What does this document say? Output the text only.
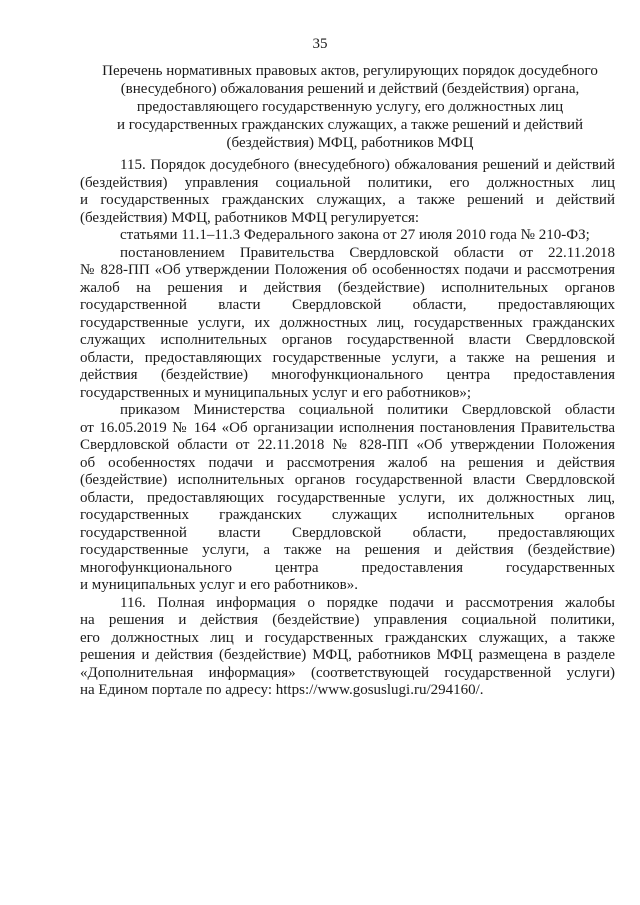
35
Перечень нормативных правовых актов, регулирующих порядок досудебного
(внесудебного) обжалования решений и действий (бездействия) органа,
предоставляющего государственную услугу, его должностных лиц
и государственных гражданских служащих, а также решений и действий
(бездействия) МФЦ, работников МФЦ
115. Порядок досудебного (внесудебного) обжалования решений и действий
(бездействия) управления социальной политики, его должностных лиц
и государственных гражданских служащих, а также решений и действий
(бездействия) МФЦ, работников МФЦ регулируется:
статьями 11.1–11.3 Федерального закона от 27 июля 2010 года № 210-ФЗ;
постановлением Правительства Свердловской области от 22.11.2018
№ 828-ПП «Об утверждении Положения об особенностях подачи и рассмотрения
жалоб на решения и действия (бездействие) исполнительных органов
государственной власти Свердловской области, предоставляющих
государственные услуги, их должностных лиц, государственных гражданских
служащих исполнительных органов государственной власти Свердловской
области, предоставляющих государственные услуги, а также на решения и
действия (бездействие) многофункционального центра предоставления
государственных и муниципальных услуг и его работников»;
приказом Министерства социальной политики Свердловской области
от 16.05.2019 № 164 «Об организации исполнения постановления Правительства
Свердловской области от 22.11.2018 № 828-ПП «Об утверждении Положения
об особенностях подачи и рассмотрения жалоб на решения и действия
(бездействие) исполнительных органов государственной власти Свердловской
области, предоставляющих государственные услуги, их должностных лиц,
государственных гражданских служащих исполнительных органов
государственной власти Свердловской области, предоставляющих
государственные услуги, а также на решения и действия (бездействие)
многофункционального центра предоставления государственных
и муниципальных услуг и его работников».
116. Полная информация о порядке подачи и рассмотрения жалобы
на решения и действия (бездействие) управления социальной политики,
его должностных лиц и государственных гражданских служащих, а также
решения и действия (бездействие) МФЦ, работников МФЦ размещена в разделе
«Дополнительная информация» (соответствующей государственной услуги)
на Едином портале по адресу: https://www.gosuslugi.ru/294160/.
